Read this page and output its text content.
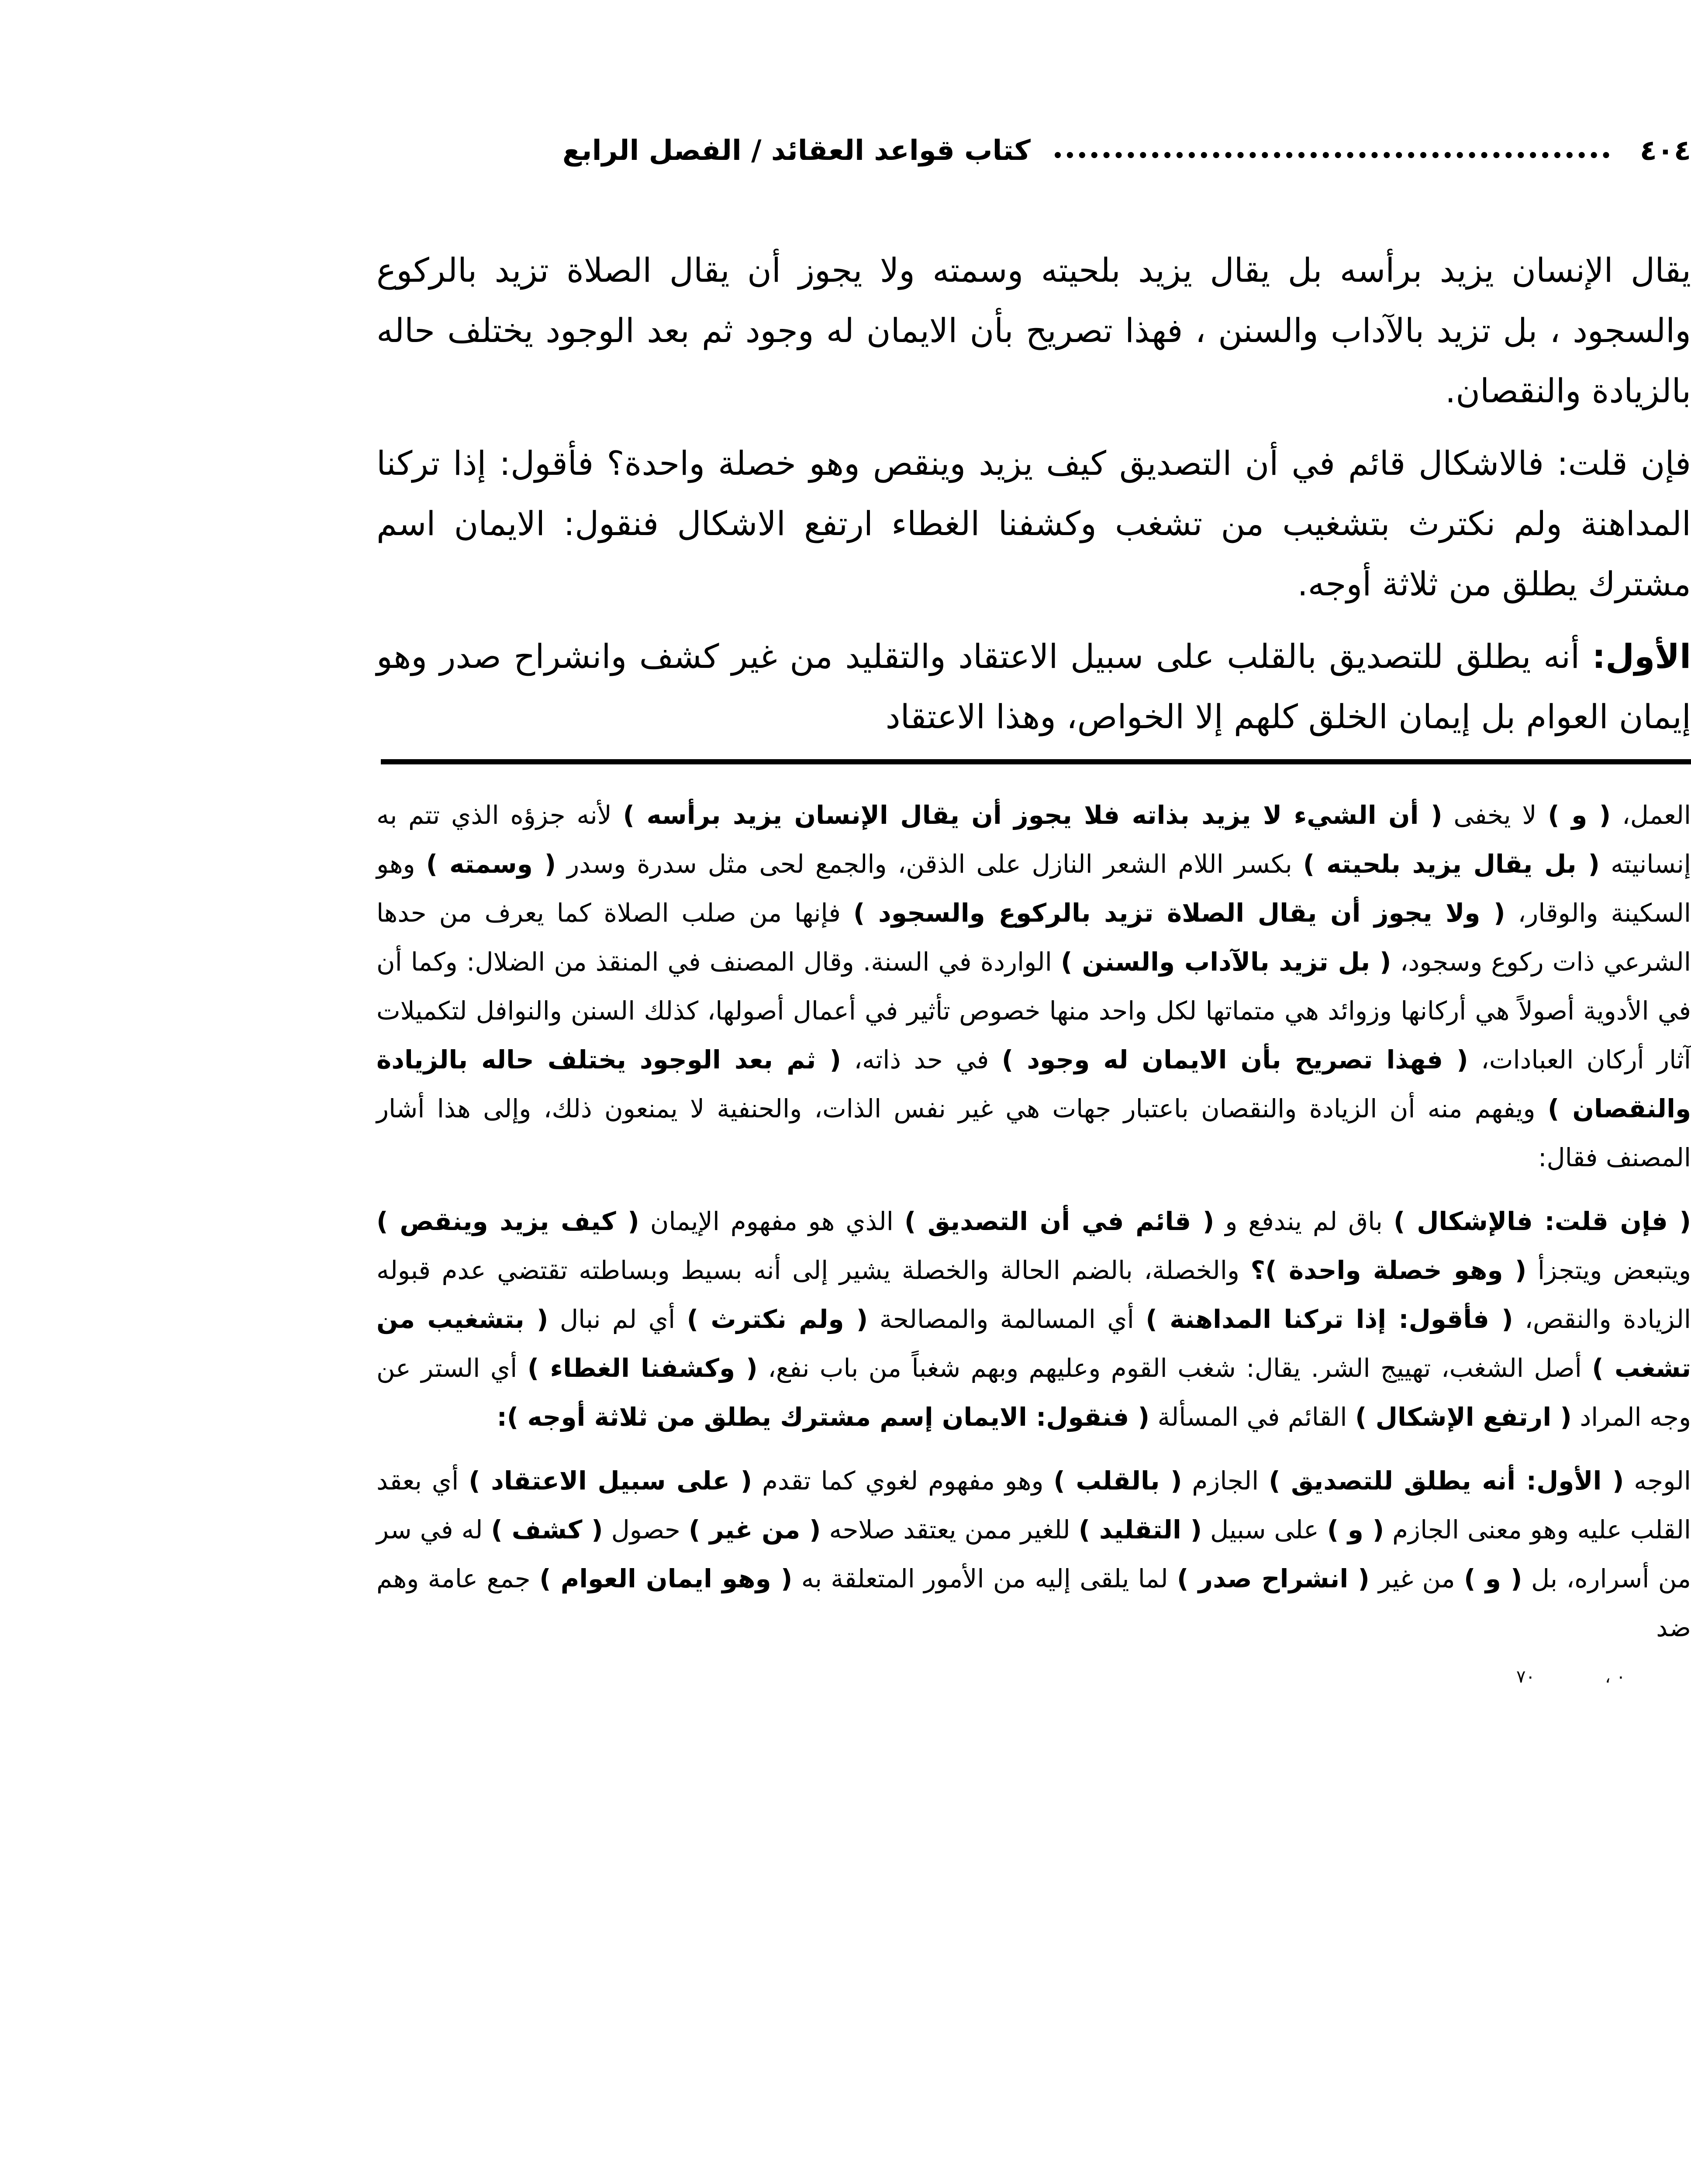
٤٠٤
كتاب قواعد العقائد / الفصل الرابع

يقال الإنسان يزيد برأسه بل يقال يزيد بلحيته وسمته ولا يجوز أن يقال الصلاة تزيد بالركوع والسجود ، بل تزيد بالآداب والسنن ، فهذا تصريح بأن الايمان له وجود ثم بعد الوجود يختلف حاله بالزيادة والنقصان.

فإن قلت: فالاشكال قائم في أن التصديق كيف يزيد وينقص وهو خصلة واحدة؟ فأقول: إذا تركنا المداهنة ولم نكترث بتشغيب من تشغب وكشفنا الغطاء ارتفع الاشكال فنقول: الايمان اسم مشترك يطلق من ثلاثة أوجه.

الأول: أنه يطلق للتصديق بالقلب على سبيل الاعتقاد والتقليد من غير كشف وانشراح صدر وهو إيمان العوام بل إيمان الخلق كلهم إلا الخواص، وهذا الاعتقاد

العمل، ( و ) لا يخفى ( أن الشيء لا يزيد بذاته فلا يجوز أن يقال الإنسان يزيد برأسه ) لأنه جزؤه الذي تتم به إنسانيته ( بل يقال يزيد بلحيته ) بكسر اللام الشعر النازل على الذقن، والجمع لحى مثل سدرة وسدر ( وسمته ) وهو السكينة والوقار، ( ولا يجوز أن يقال الصلاة تزيد بالركوع والسجود ) فإنها من صلب الصلاة كما يعرف من حدها الشرعي ذات ركوع وسجود، ( بل تزيد بالآداب والسنن ) الواردة في السنة. وقال المصنف في المنقذ من الضلال: وكما أن في الأدوية أصولاً هي أركانها وزوائد هي متماتها لكل واحد منها خصوص تأثير في أعمال أصولها، كذلك السنن والنوافل لتكميلات آثار أركان العبادات، ( فهذا تصريح بأن الايمان له وجود ) في حد ذاته، ( ثم بعد الوجود يختلف حاله بالزيادة والنقصان ) ويفهم منه أن الزيادة والنقصان باعتبار جهات هي غير نفس الذات، والحنفية لا يمنعون ذلك، وإلى هذا أشار المصنف فقال:

( فإن قلت: فالإشكال ) باق لم يندفع و ( قائم في أن التصديق ) الذي هو مفهوم الإيمان ( كيف يزيد وينقص ) ويتبعض ويتجزأ ( وهو خصلة واحدة )؟ والخصلة، بالضم الحالة والخصلة يشير إلى أنه بسيط وبساطته تقتضي عدم قبوله الزيادة والنقص، ( فأقول: إذا تركنا المداهنة ) أي المسالمة والمصالحة ( ولم نكترث ) أي لم نبال ( بتشغيب من تشغب ) أصل الشغب، تهييج الشر. يقال: شغب القوم وعليهم وبهم شغباً من باب نفع، ( وكشفنا الغطاء ) أي الستر عن وجه المراد ( ارتفع الإشكال ) القائم في المسألة ( فنقول: الايمان إسم مشترك يطلق من ثلاثة أوجه ):

الوجه ( الأول: أنه يطلق للتصديق ) الجازم ( بالقلب ) وهو مفهوم لغوي كما تقدم ( على سبيل الاعتقاد ) أي بعقد القلب عليه وهو معنى الجازم ( و ) على سبيل ( التقليد ) للغير ممن يعتقد صلاحه ( من غير ) حصول ( كشف ) له في سر من أسراره، بل ( و ) من غير ( انشراح صدر ) لما يلقى إليه من الأمور المتعلقة به ( وهو ايمان العوام ) جمع عامة وهم ضد

٧٠	، ٠
